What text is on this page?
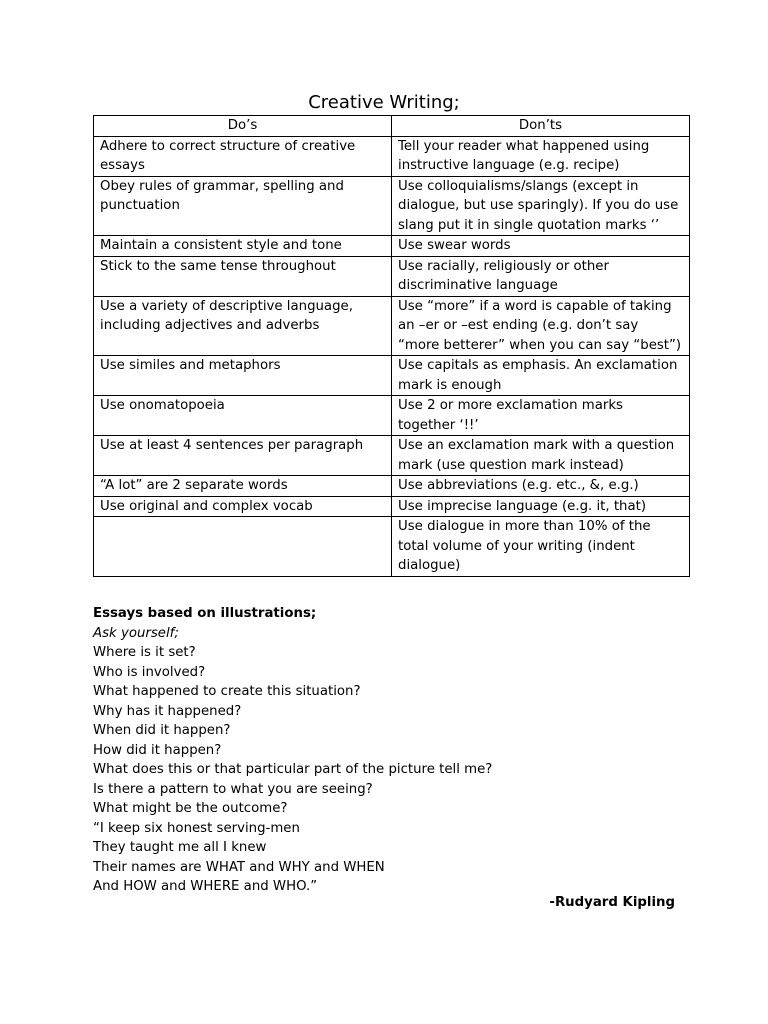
Creative Writing;
Do’s	Don’ts
Adhere to correct structure of creative essays	Tell your reader what happened using instructive language (e.g. recipe)
Obey rules of grammar, spelling and punctuation	Use colloquialisms/slangs (except in dialogue, but use sparingly). If you do use slang put it in single quotation marks ‘’
Maintain a consistent style and tone	Use swear words
Stick to the same tense throughout	Use racially, religiously or other discriminative language
Use a variety of descriptive language, including adjectives and adverbs	Use “more” if a word is capable of taking an –er or –est ending (e.g. don’t say “more betterer” when you can say “best”)
Use similes and metaphors	Use capitals as emphasis. An exclamation mark is enough
Use onomatopoeia	Use 2 or more exclamation marks together ‘!!’
Use at least 4 sentences per paragraph	Use an exclamation mark with a question mark (use question mark instead)
“A lot” are 2 separate words	Use abbreviations (e.g. etc., &, e.g.)
Use original and complex vocab	Use imprecise language (e.g. it, that)
	Use dialogue in more than 10% of the total volume of your writing (indent dialogue)
Essays based on illustrations;
Ask yourself;
Where is it set?
Who is involved?
What happened to create this situation?
Why has it happened?
When did it happen?
How did it happen?
What does this or that particular part of the picture tell me?
Is there a pattern to what you are seeing?
What might be the outcome?
“I keep six honest serving-men
They taught me all I knew
Their names are WHAT and WHY and WHEN
And HOW and WHERE and WHO.”
-Rudyard Kipling
